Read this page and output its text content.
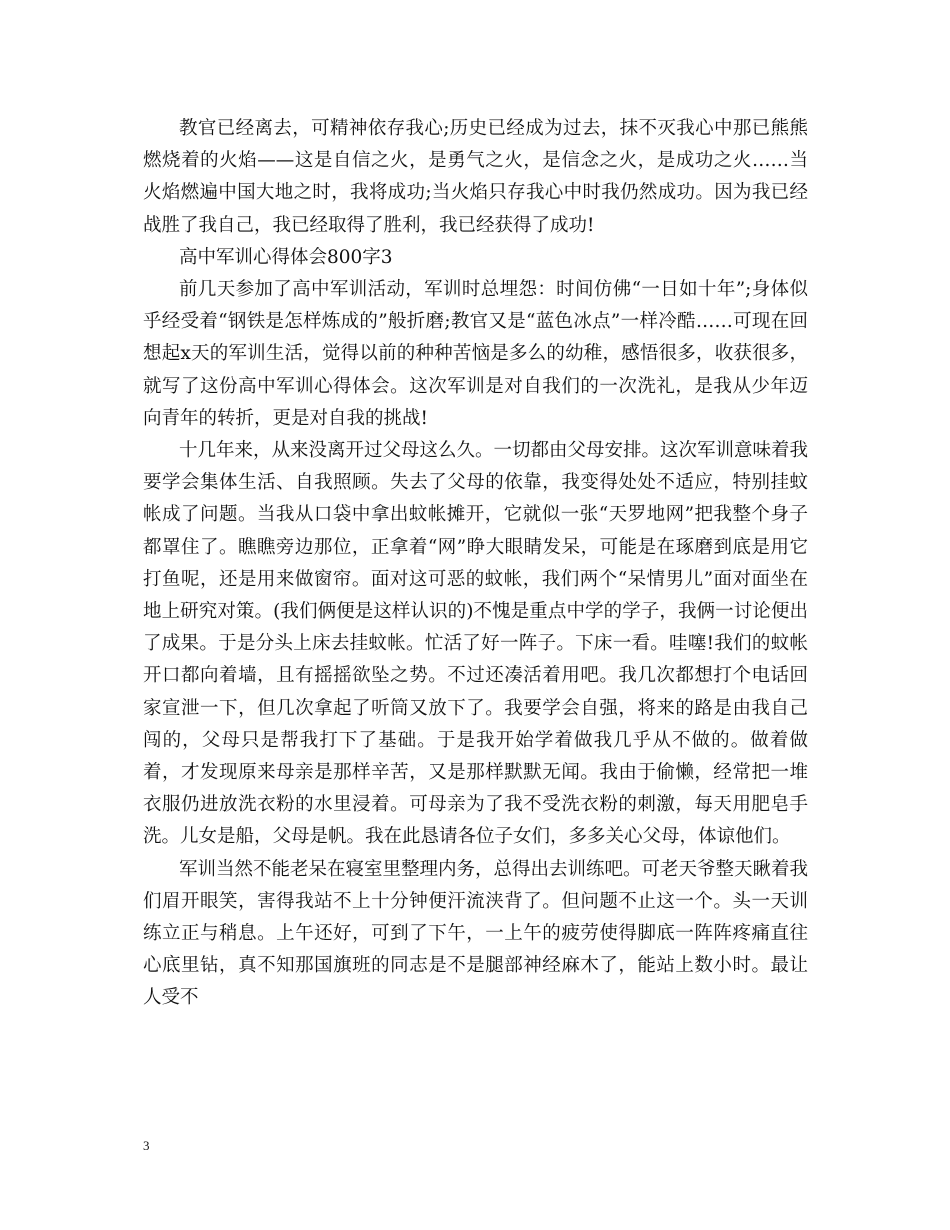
教官已经离去，可精神依存我心;历史已经成为过去，抹不灭我心中那已熊熊燃烧着的火焰——这是自信之火，是勇气之火，是信念之火，是成功之火……当火焰燃遍中国大地之时，我将成功;当火焰只存我心中时我仍然成功。因为我已经战胜了我自己，我已经取得了胜利，我已经获得了成功!

高中军训心得体会800字3

前几天参加了高中军训活动，军训时总埋怨：时间仿佛“一日如十年”;身体似乎经受着“钢铁是怎样炼成的”般折磨;教官又是“蓝色冰点”一样冷酷……可现在回想起x天的军训生活，觉得以前的种种苦恼是多么的幼稚，感悟很多，收获很多，就写了这份高中军训心得体会。这次军训是对自我们的一次洗礼，是我从少年迈向青年的转折，更是对自我的挑战!

十几年来，从来没离开过父母这么久。一切都由父母安排。这次军训意味着我要学会集体生活、自我照顾。失去了父母的依靠，我变得处处不适应，特别挂蚊帐成了问题。当我从口袋中拿出蚊帐摊开，它就似一张“天罗地网”把我整个身子都罩住了。瞧瞧旁边那位，正拿着“网”睁大眼睛发呆，可能是在琢磨到底是用它打鱼呢，还是用来做窗帘。面对这可恶的蚊帐，我们两个“呆情男儿”面对面坐在地上研究对策。(我们俩便是这样认识的)不愧是重点中学的学子，我俩一讨论便出了成果。于是分头上床去挂蚊帐。忙活了好一阵子。下床一看。哇噻!我们的蚊帐开口都向着墙，且有摇摇欲坠之势。不过还凑活着用吧。我几次都想打个电话回家宣泄一下，但几次拿起了听筒又放下了。我要学会自强，将来的路是由我自己闯的，父母只是帮我打下了基础。于是我开始学着做我几乎从不做的。做着做着，才发现原来母亲是那样辛苦，又是那样默默无闻。我由于偷懒，经常把一堆衣服仍进放洗衣粉的水里浸着。可母亲为了我不受洗衣粉的刺激，每天用肥皂手洗。儿女是船，父母是帆。我在此恳请各位子女们，多多关心父母，体谅他们。

军训当然不能老呆在寝室里整理内务，总得出去训练吧。可老天爷整天瞅着我们眉开眼笑，害得我站不上十分钟便汗流浃背了。但问题不止这一个。头一天训练立正与稍息。上午还好，可到了下午，一上午的疲劳使得脚底一阵阵疼痛直往心底里钻，真不知那国旗班的同志是不是腿部神经麻木了，能站上数小时。最让人受不

3
